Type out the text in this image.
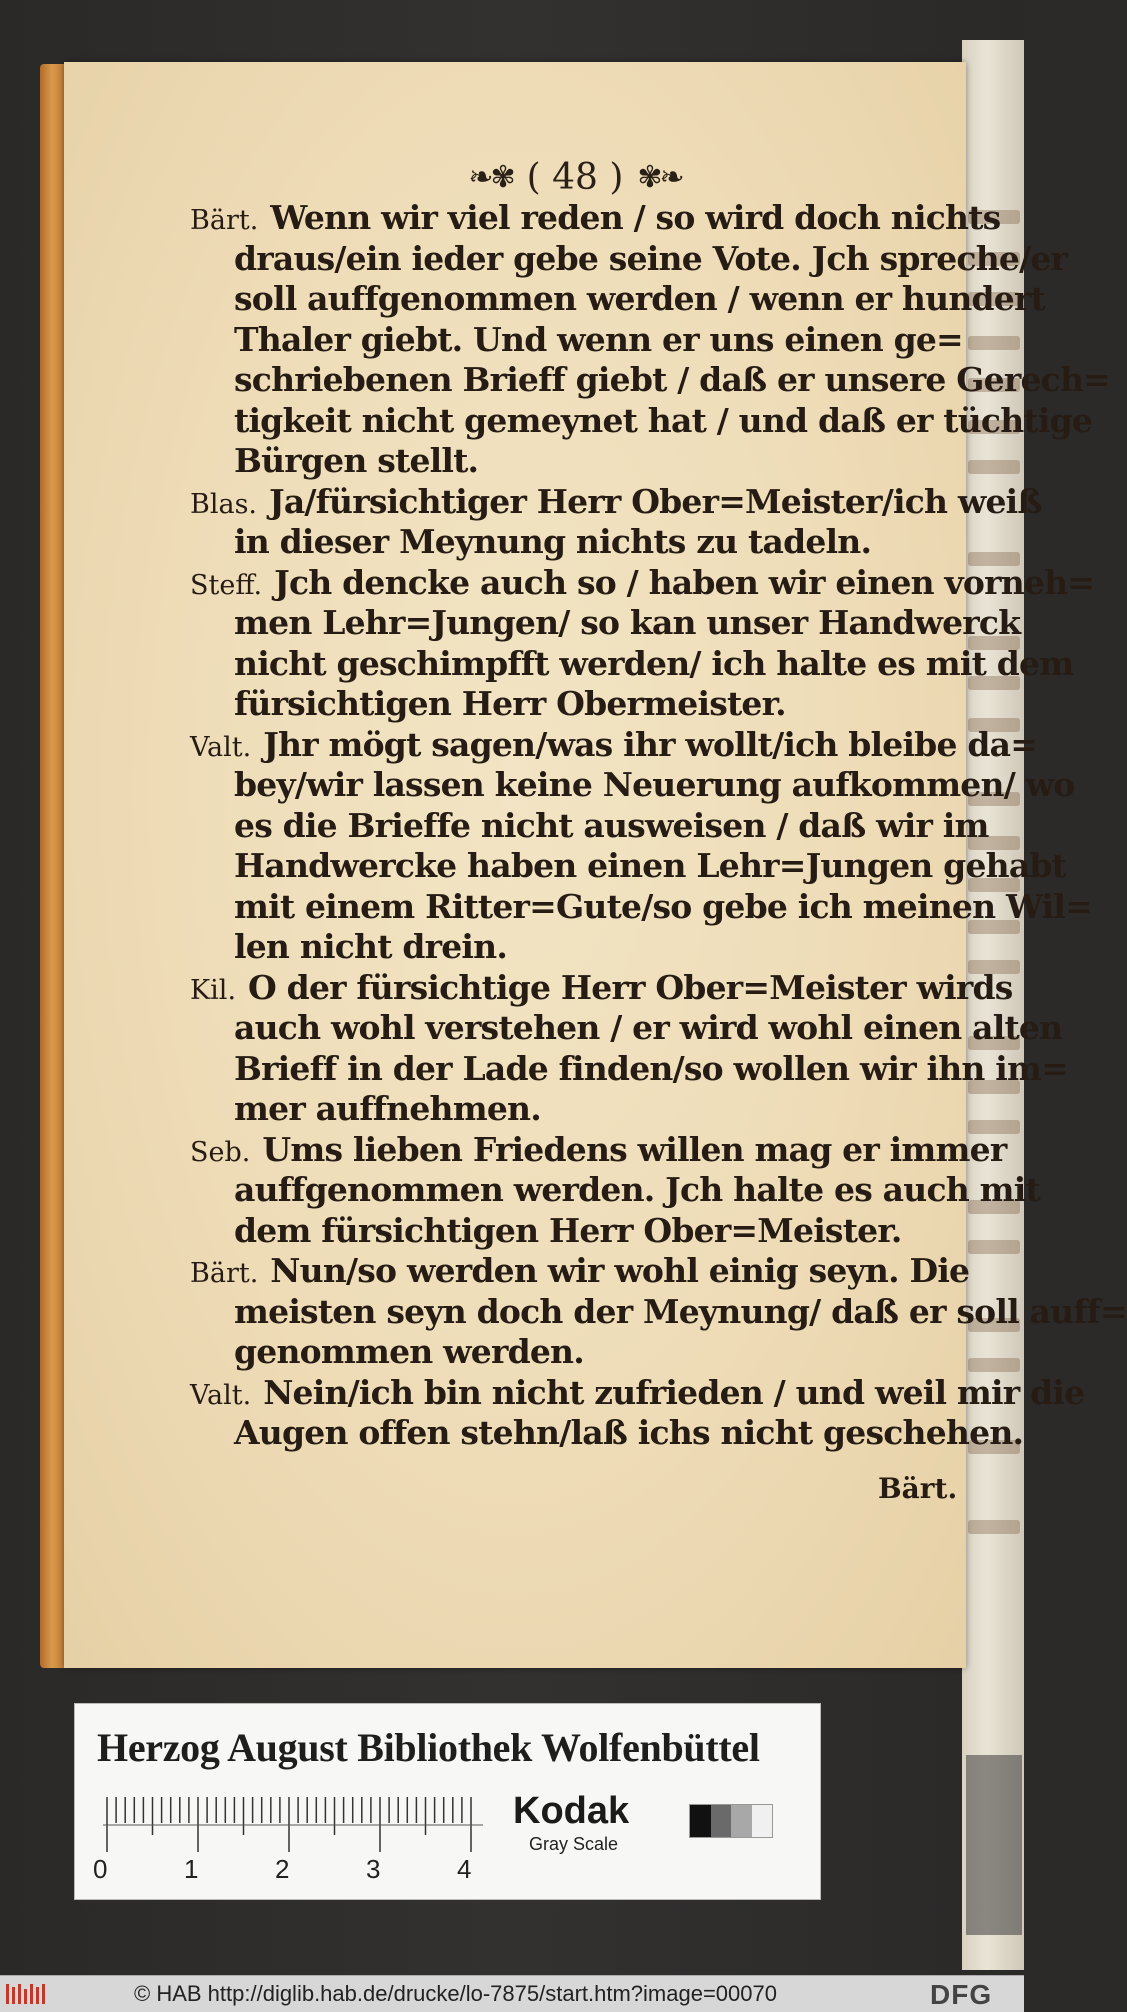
❧✾ ( 48 ) ✾❧
Bärt. Wenn wir viel reden / so wird doch nichts
draus/ein ieder gebe seine Vote. Jch spreche/er
soll auffgenommen werden / wenn er hundert
Thaler giebt. Und wenn er uns einen ge=
schriebenen Brieff giebt / daß er unsere Gerech=
tigkeit nicht gemeynet hat / und daß er tüchtige
Bürgen stellt.
Blas. Ja/fürsichtiger Herr Ober=Meister/ich weiß
in dieser Meynung nichts zu tadeln.
Steff. Jch dencke auch so / haben wir einen vorneh=
men Lehr=Jungen/ so kan unser Handwerck
nicht geschimpfft werden/ ich halte es mit dem
fürsichtigen Herr Obermeister.
Valt. Jhr mögt sagen/was ihr wollt/ich bleibe da=
bey/wir lassen keine Neuerung aufkommen/ wo
es die Brieffe nicht ausweisen / daß wir im
Handwercke haben einen Lehr=Jungen gehabt
mit einem Ritter=Gute/so gebe ich meinen Wil=
len nicht drein.
Kil. O der fürsichtige Herr Ober=Meister wirds
auch wohl verstehen / er wird wohl einen alten
Brieff in der Lade finden/so wollen wir ihn im=
mer auffnehmen.
Seb. Ums lieben Friedens willen mag er immer
auffgenommen werden. Jch halte es auch mit
dem fürsichtigen Herr Ober=Meister.
Bärt. Nun/so werden wir wohl einig seyn. Die
meisten seyn doch der Meynung/ daß er soll auff=
genommen werden.
Valt. Nein/ich bin nicht zufrieden / und weil mir die
Augen offen stehn/laß ichs nicht geschehen.
Bärt.
Herzog August Bibliothek Wolfenbüttel
0	1	2	3	4
Kodak
Gray Scale
© HAB http://diglib.hab.de/drucke/lo-7875/start.htm?image=00070	DFG
